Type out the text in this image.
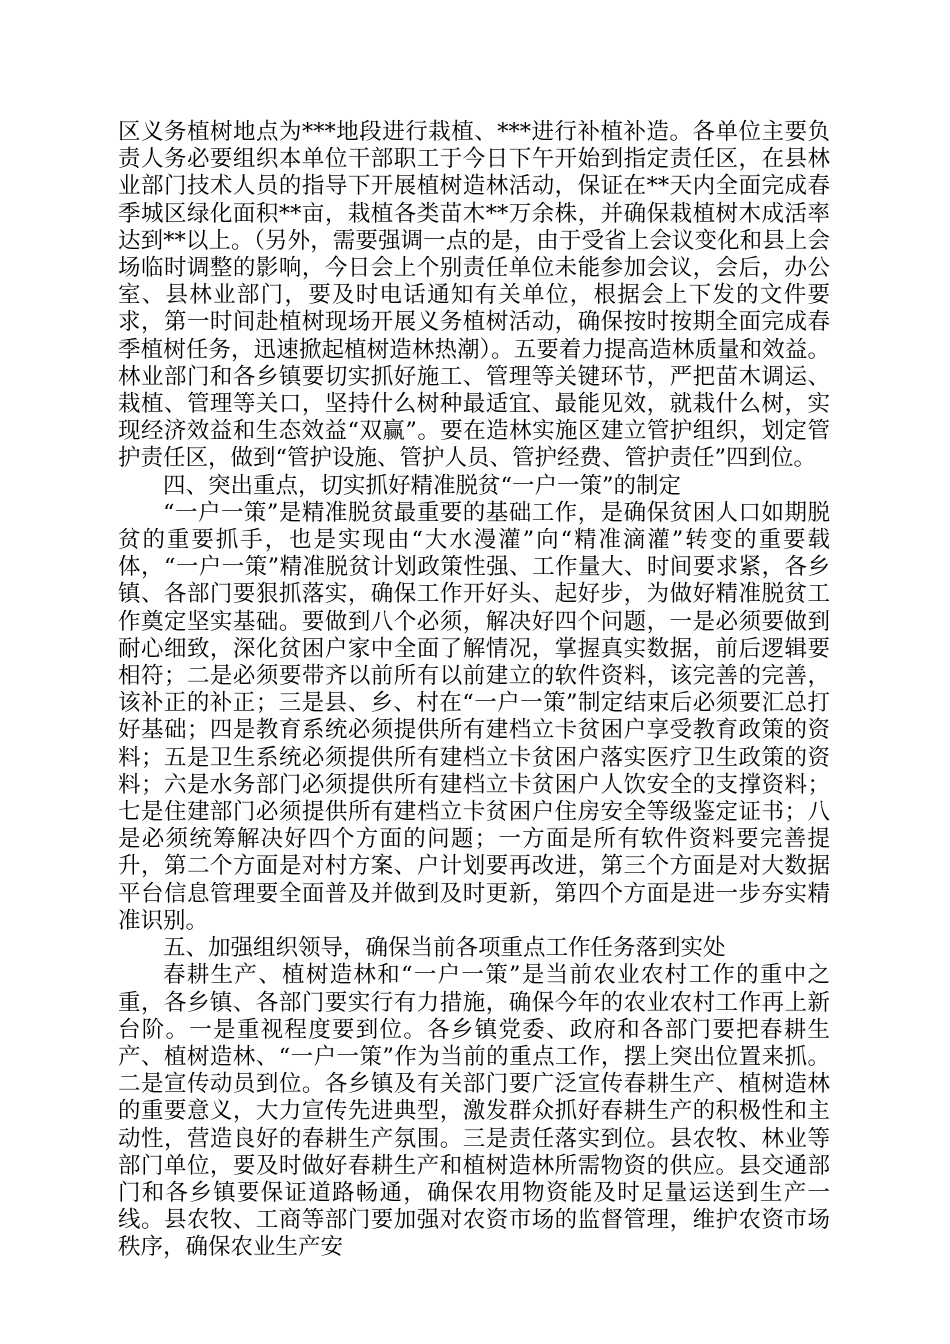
区义务植树地点为***地段进行栽植、***进行补植补造。各单位主要负责人务必要组织本单位干部职工于今日下午开始到指定责任区，在县林业部门技术人员的指导下开展植树造林活动，保证在**天内全面完成春季城区绿化面积**亩，栽植各类苗木**万余株，并确保栽植树木成活率达到**以上。（另外，需要强调一点的是，由于受省上会议变化和县上会场临时调整的影响，今日会上个别责任单位未能参加会议，会后，办公室、县林业部门，要及时电话通知有关单位，根据会上下发的文件要求，第一时间赴植树现场开展义务植树活动，确保按时按期全面完成春季植树任务，迅速掀起植树造林热潮）。五要着力提高造林质量和效益。林业部门和各乡镇要切实抓好施工、管理等关键环节，严把苗木调运、栽植、管理等关口，坚持什么树种最适宜、最能见效，就栽什么树，实现经济效益和生态效益“双赢”。要在造林实施区建立管护组织，划定管护责任区，做到“管护设施、管护人员、管护经费、管护责任”四到位。

四、突出重点，切实抓好精准脱贫“一户一策”的制定

“一户一策”是精准脱贫最重要的基础工作，是确保贫困人口如期脱贫的重要抓手，也是实现由“大水漫灌”向“精准滴灌”转变的重要载体，“一户一策”精准脱贫计划政策性强、工作量大、时间要求紧，各乡镇、各部门要狠抓落实，确保工作开好头、起好步，为做好精准脱贫工作奠定坚实基础。要做到八个必须，解决好四个问题，一是必须要做到耐心细致，深化贫困户家中全面了解情况，掌握真实数据，前后逻辑要相符；二是必须要带齐以前所有以前建立的软件资料，该完善的完善，该补正的补正；三是县、乡、村在“一户一策”制定结束后必须要汇总打好基础；四是教育系统必须提供所有建档立卡贫困户享受教育政策的资料；五是卫生系统必须提供所有建档立卡贫困户落实医疗卫生政策的资料；六是水务部门必须提供所有建档立卡贫困户人饮安全的支撑资料；七是住建部门必须提供所有建档立卡贫困户住房安全等级鉴定证书；八是必须统筹解决好四个方面的问题；一方面是所有软件资料要完善提升，第二个方面是对村方案、户计划要再改进，第三个方面是对大数据平台信息管理要全面普及并做到及时更新，第四个方面是进一步夯实精准识别。

五、加强组织领导，确保当前各项重点工作任务落到实处

春耕生产、植树造林和“一户一策”是当前农业农村工作的重中之重，各乡镇、各部门要实行有力措施，确保今年的农业农村工作再上新台阶。一是重视程度要到位。各乡镇党委、政府和各部门要把春耕生产、植树造林、“一户一策”作为当前的重点工作，摆上突出位置来抓。二是宣传动员到位。各乡镇及有关部门要广泛宣传春耕生产、植树造林的重要意义，大力宣传先进典型，激发群众抓好春耕生产的积极性和主动性，营造良好的春耕生产氛围。三是责任落实到位。县农牧、林业等部门单位，要及时做好春耕生产和植树造林所需物资的供应。县交通部门和各乡镇要保证道路畅通，确保农用物资能及时足量运送到生产一线。县农牧、工商等部门要加强对农资市场的监督管理，维护农资市场秩序，确保农业生产安
